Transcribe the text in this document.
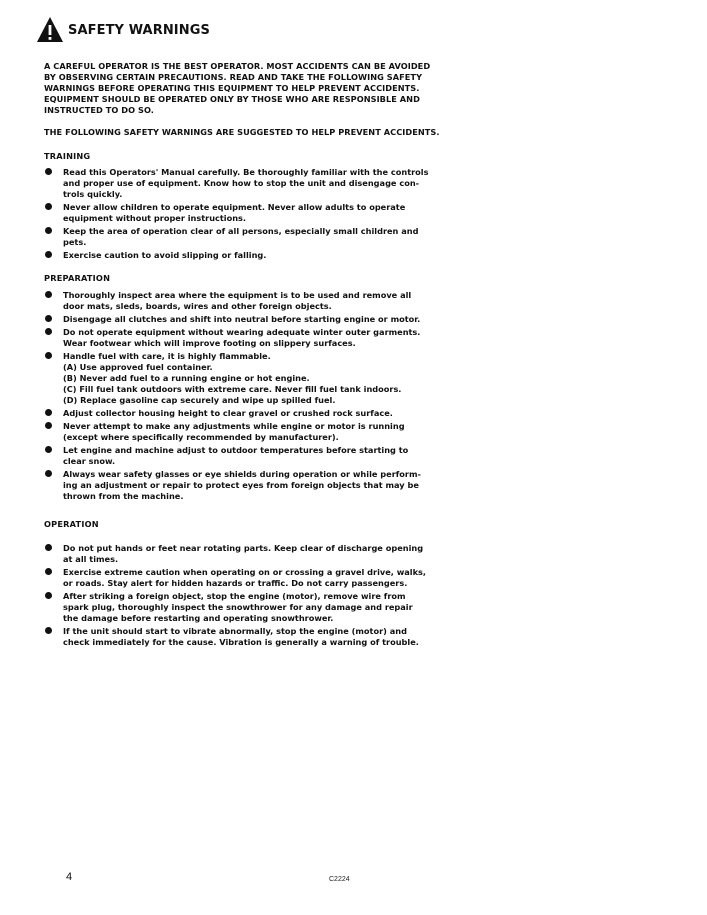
SAFETY WARNINGS
A CAREFUL OPERATOR IS THE BEST OPERATOR. MOST ACCIDENTS CAN BE AVOIDED
BY OBSERVING CERTAIN PRECAUTIONS. READ AND TAKE THE FOLLOWING SAFETY
WARNINGS BEFORE OPERATING THIS EQUIPMENT TO HELP PREVENT ACCIDENTS.
EQUIPMENT SHOULD BE OPERATED ONLY BY THOSE WHO ARE RESPONSIBLE AND
INSTRUCTED TO DO SO.
THE FOLLOWING SAFETY WARNINGS ARE SUGGESTED TO HELP PREVENT ACCIDENTS.
TRAINING
Read this Operators' Manual carefully. Be thoroughly familiar with the controls
and proper use of equipment. Know how to stop the unit and disengage con-
trols quickly.
Never allow children to operate equipment. Never allow adults to operate
equipment without proper instructions.
Keep the area of operation clear of all persons, especially small children and
pets.
Exercise caution to avoid slipping or falling.
PREPARATION
Thoroughly inspect area where the equipment is to be used and remove all
door mats, sleds, boards, wires and other foreign objects.
Disengage all clutches and shift into neutral before starting engine or motor.
Do not operate equipment without wearing adequate winter outer garments.
Wear footwear which will improve footing on slippery surfaces.
Handle fuel with care, it is highly flammable.
(A) Use approved fuel container.
(B) Never add fuel to a running engine or hot engine.
(C) Fill fuel tank outdoors with extreme care. Never fill fuel tank indoors.
(D) Replace gasoline cap securely and wipe up spilled fuel.
Adjust collector housing height to clear gravel or crushed rock surface.
Never attempt to make any adjustments while engine or motor is running
(except where specifically recommended by manufacturer).
Let engine and machine adjust to outdoor temperatures before starting to
clear snow.
Always wear safety glasses or eye shields during operation or while perform-
ing an adjustment or repair to protect eyes from foreign objects that may be
thrown from the machine.
OPERATION
Do not put hands or feet near rotating parts. Keep clear of discharge opening
at all times.
Exercise extreme caution when operating on or crossing a gravel drive, walks,
or roads. Stay alert for hidden hazards or traffic. Do not carry passengers.
After striking a foreign object, stop the engine (motor), remove wire from
spark plug, thoroughly inspect the snowthrower for any damage and repair
the damage before restarting and operating snowthrower.
If the unit should start to vibrate abnormally, stop the engine (motor) and
check immediately for the cause. Vibration is generally a warning of trouble.
4	C2224
